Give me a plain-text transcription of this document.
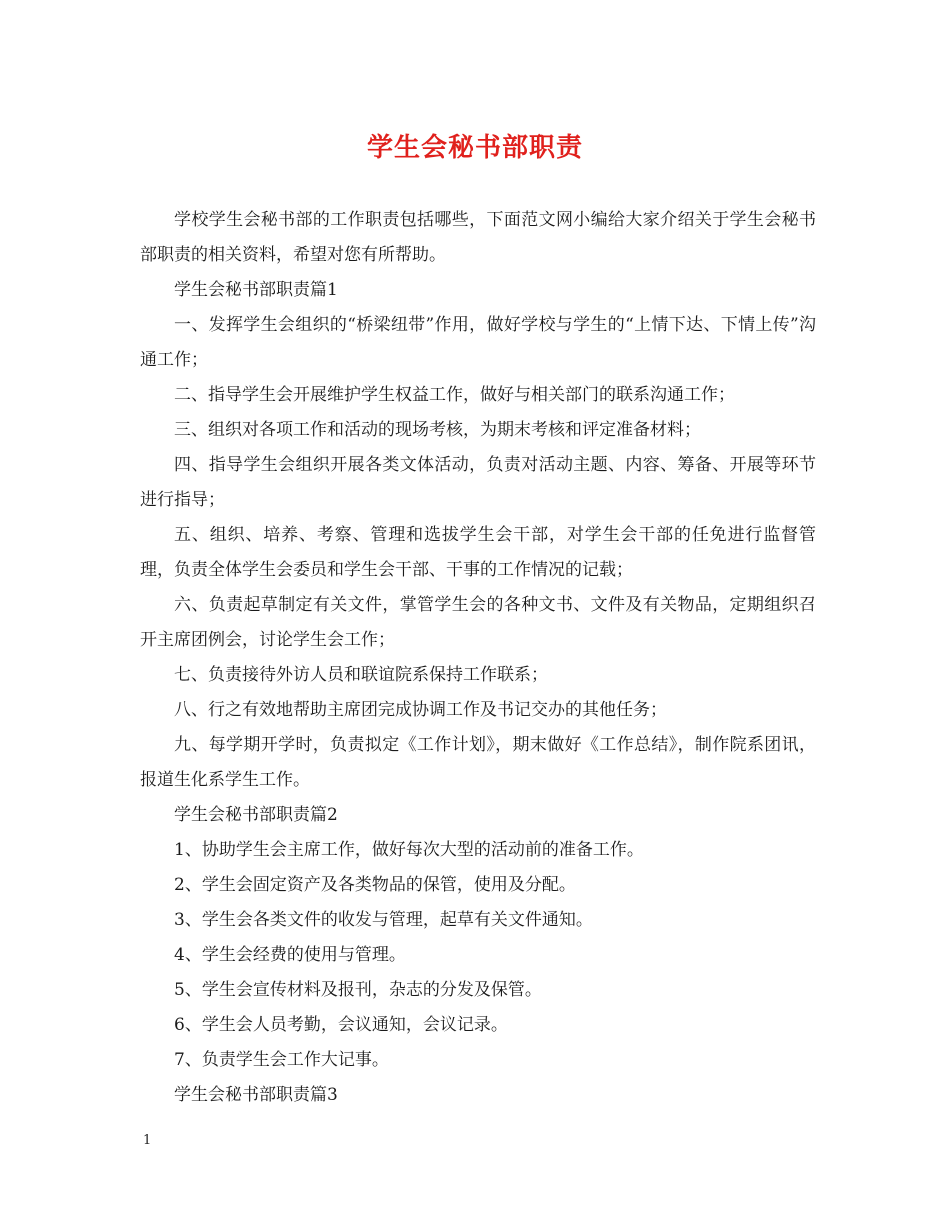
学生会秘书部职责

学校学生会秘书部的工作职责包括哪些，下面范文网小编给大家介绍关于学生会秘书部职责的相关资料，希望对您有所帮助。

学生会秘书部职责篇1

一、发挥学生会组织的“桥梁纽带”作用，做好学校与学生的“上情下达、下情上传”沟通工作；

二、指导学生会开展维护学生权益工作，做好与相关部门的联系沟通工作；

三、组织对各项工作和活动的现场考核，为期末考核和评定准备材料；

四、指导学生会组织开展各类文体活动，负责对活动主题、内容、筹备、开展等环节进行指导；

五、组织、培养、考察、管理和选拔学生会干部，对学生会干部的任免进行监督管理，负责全体学生会委员和学生会干部、干事的工作情况的记载；

六、负责起草制定有关文件，掌管学生会的各种文书、文件及有关物品，定期组织召开主席团例会，讨论学生会工作；

七、负责接待外访人员和联谊院系保持工作联系；

八、行之有效地帮助主席团完成协调工作及书记交办的其他任务；

九、每学期开学时，负责拟定《工作计划》，期末做好《工作总结》，制作院系团讯，报道生化系学生工作。

学生会秘书部职责篇2

1、协助学生会主席工作，做好每次大型的活动前的准备工作。

2、学生会固定资产及各类物品的保管，使用及分配。

3、学生会各类文件的收发与管理，起草有关文件通知。

4、学生会经费的使用与管理。

5、学生会宣传材料及报刊，杂志的分发及保管。

6、学生会人员考勤，会议通知，会议记录。

7、负责学生会工作大记事。

学生会秘书部职责篇3

1
